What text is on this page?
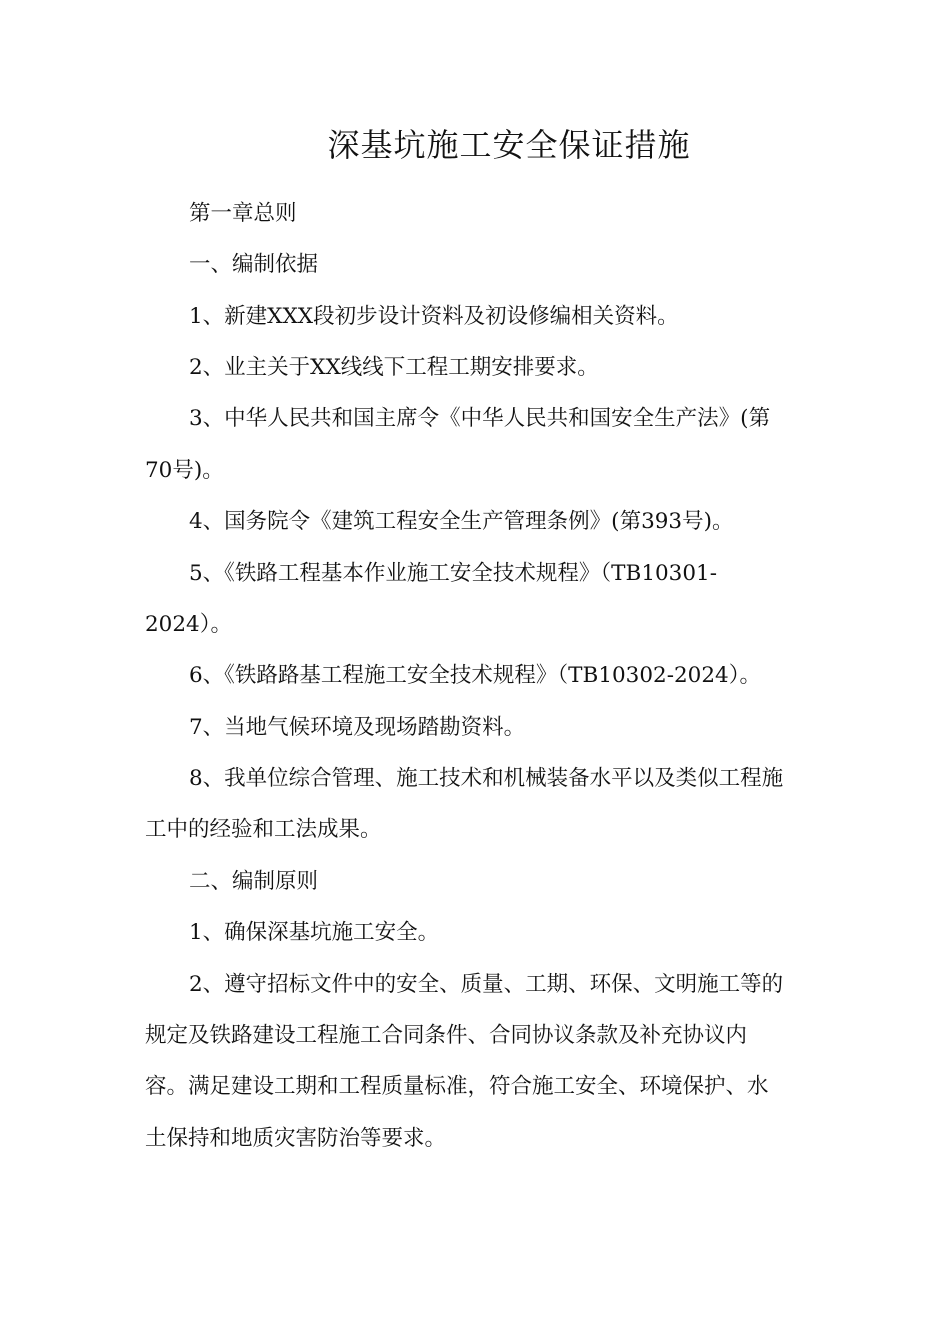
深基坑施工安全保证措施
第一章总则
一、编制依据
1、新建XXX段初步设计资料及初设修编相关资料。
2、业主关于XX线线下工程工期安排要求。
3、中华人民共和国主席令《中华人民共和国安全生产法》(第
70号)。
4、国务院令《建筑工程安全生产管理条例》(第393号)。
5、《铁路工程基本作业施工安全技术规程》（TB10301-
2024）。
6、《铁路路基工程施工安全技术规程》（TB10302-2024）。
7、当地气候环境及现场踏勘资料。
8、我单位综合管理、施工技术和机械装备水平以及类似工程施
工中的经验和工法成果。
二、编制原则
1、确保深基坑施工安全。
2、遵守招标文件中的安全、质量、工期、环保、文明施工等的
规定及铁路建设工程施工合同条件、合同协议条款及补充协议内
容。满足建设工期和工程质量标准，符合施工安全、环境保护、水
土保持和地质灾害防治等要求。
